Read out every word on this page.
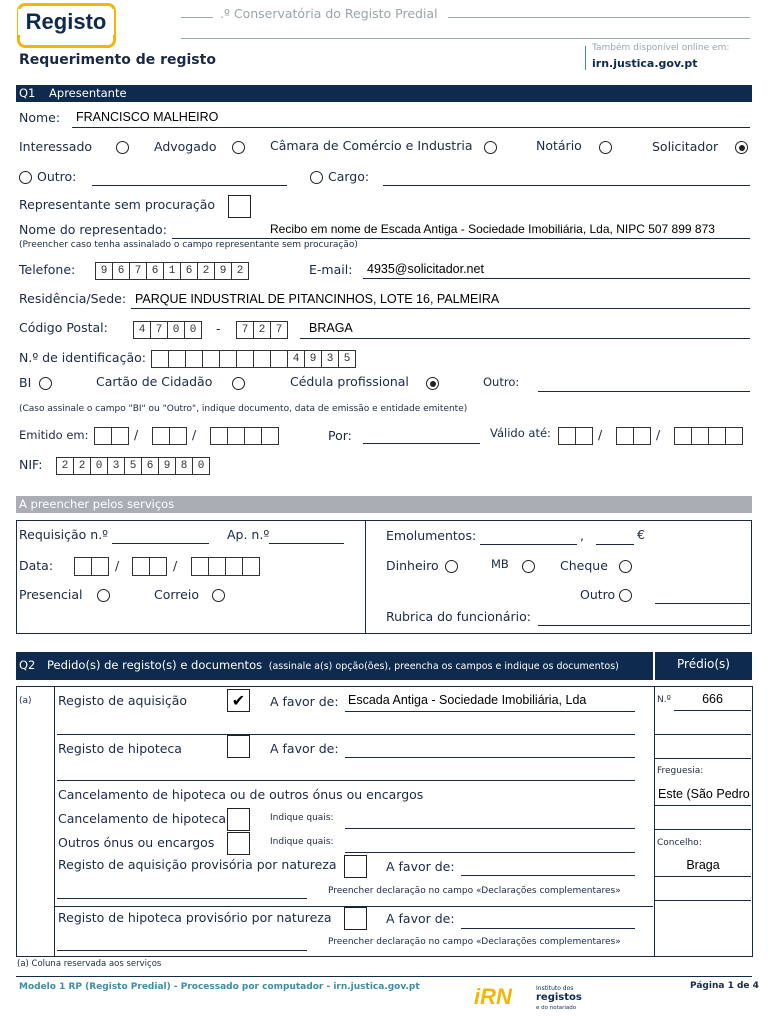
Registo	.º Conservatória do Registo Predial
Requerimento de registo
Também disponível online em:
irn.justica.gov.pt
Q1 Apresentante
Nome: FRANCISCO MALHEIRO
Interessado	Advogado	Câmara de Comércio e Industria	Notário	Solicitador
Outro:	Cargo:
Representante sem procuração
Nome do representado:	Recibo em nome de Escada Antiga - Sociedade Imobiliária, Lda, NIPC 507 899 873
(Preencher caso tenha assinalado o campo representante sem procuração)
Telefone:	9 6 7 6 1 6 2 9 2	E-mail: 4935@solicitador.net
Residência/Sede: PARQUE INDUSTRIAL DE PITANCINHOS, LOTE 16, PALMEIRA
Código Postal:	4 7 0 0	-	7 2 7	BRAGA
N.º de identificação:	4 9 3 5
BI	Cartão de Cidadão	Cédula profissional	Outro:
(Caso assinale o campo "BI" ou "Outro", indique documento, data de emissão e entidade emitente)
Emitido em:	/	/	Por:	Válido até:	/	/
NIF:	2 2 0 3 5 6 9 8 0
A preencher pelos serviços
Requisição n.º	Ap. n.º
Data:	/	/
Presencial	Correio
Emolumentos:	,	€
Dinheiro	MB	Cheque
Outro
Rubrica do funcionário:
Q2 Pedido(s) de registo(s) e documentos (assinale a(s) opção(ões), preencha os campos e indique os documentos)	Prédio(s)
(a) Registo de aquisição	✔	A favor de: Escada Antiga - Sociedade Imobiliária, Lda
Registo de hipoteca	A favor de:
Cancelamento de hipoteca ou de outros ónus ou encargos
Cancelamento de hipoteca	Indique quais:
Outros ónus ou encargos	Indique quais:
Registo de aquisição provisória por natureza	A favor de:
Preencher declaração no campo «Declarações complementares»
Registo de hipoteca provisório por natureza	A favor de:
Preencher declaração no campo «Declarações complementares»
N.º	666
Freguesia:
Este (São Pedro
Concelho:
Braga
(a) Coluna reservada aos serviços
Modelo 1 RP (Registo Predial) - Processado por computador - irn.justica.gov.pt iRN	Instituto dos
registos
e do notariado
Página 1 de 4
